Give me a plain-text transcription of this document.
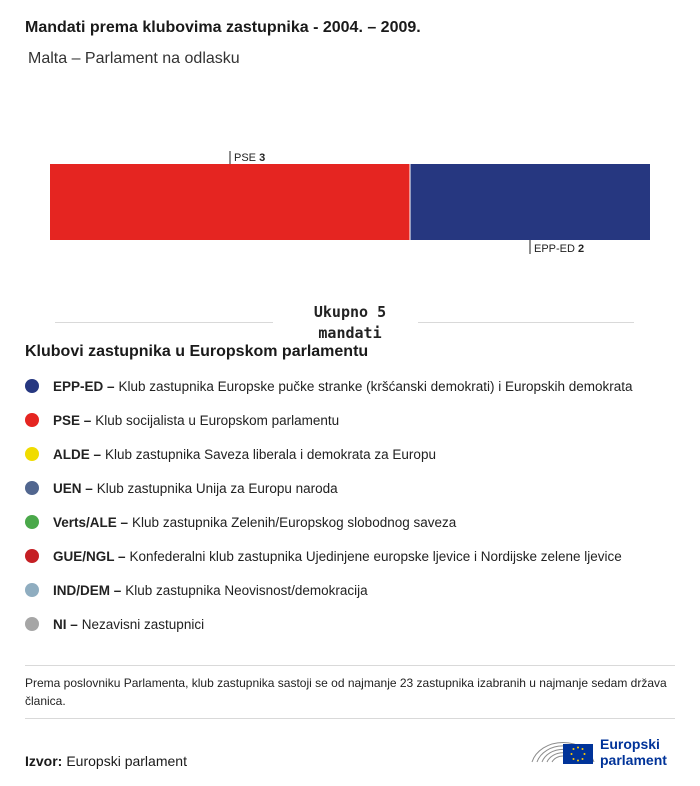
Mandati prema klubovima zastupnika - 2004. – 2009.
Malta – Parlament na odlasku
PSE 3
EPP-ED 2
Ukupno 5
mandati
Klubovi zastupnika u Europskom parlamentu
EPP-ED – Klub zastupnika Europske pučke stranke (kršćanski demokrati) i Europskih demokrata
PSE – Klub socijalista u Europskom parlamentu
ALDE – Klub zastupnika Saveza liberala i demokrata za Europu
UEN – Klub zastupnika Unija za Europu naroda
Verts/ALE – Klub zastupnika Zelenih/Europskog slobodnog saveza
GUE/NGL – Konfederalni klub zastupnika Ujedinjene europske ljevice i Nordijske zelene ljevice
IND/DEM – Klub zastupnika Neovisnost/demokracija
NI – Nezavisni zastupnici
Prema poslovniku Parlamenta, klub zastupnika sastoji se od najmanje 23 zastupnika izabranih u najmanje sedam država članica.
Izvor: Europski parlament
Europski
parlament
